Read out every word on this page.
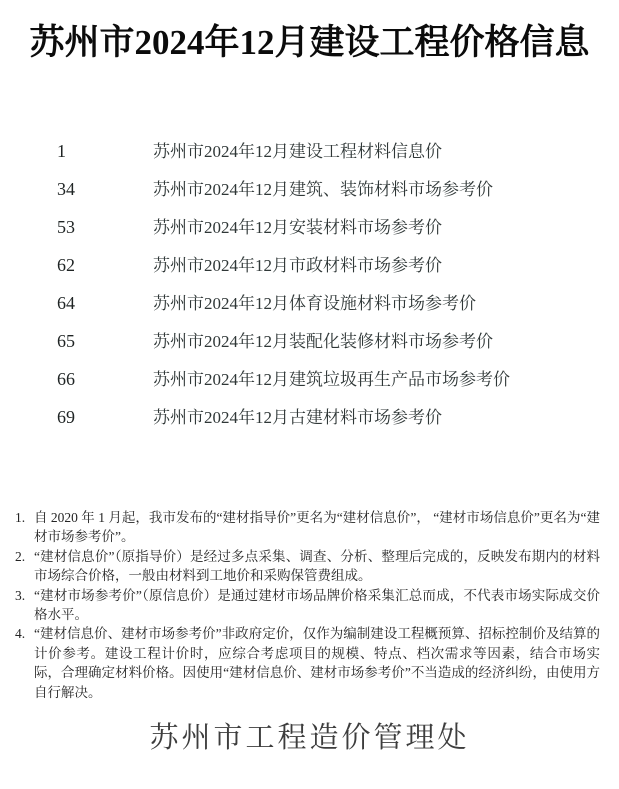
苏州市2024年12月建设工程价格信息
1	苏州市2024年12月建设工程材料信息价
34	苏州市2024年12月建筑、装饰材料市场参考价
53	苏州市2024年12月安装材料市场参考价
62	苏州市2024年12月市政材料市场参考价
64	苏州市2024年12月体育设施材料市场参考价
65	苏州市2024年12月装配化装修材料市场参考价
66	苏州市2024年12月建筑垃圾再生产品市场参考价
69	苏州市2024年12月古建材料市场参考价
1. 自 2020 年 1 月起，我市发布的“建材指导价”更名为“建材信息价”， “建材市场信息价”更名为“建材市场参考价”。
2. “建材信息价”（原指导价）是经过多点采集、调查、分析、整理后完成的，反映发布期内的材料市场综合价格，一般由材料到工地价和采购保管费组成。
3. “建材市场参考价”（原信息价）是通过建材市场品牌价格采集汇总而成，不代表市场实际成交价格水平。
4. “建材信息价、建材市场参考价”非政府定价，仅作为编制建设工程概预算、招标控制价及结算的计价参考。建设工程计价时，应综合考虑项目的规模、特点、档次需求等因素，结合市场实际，合理确定材料价格。因使用“建材信息价、建材市场参考价”不当造成的经济纠纷，由使用方自行解决。
苏州市工程造价管理处
